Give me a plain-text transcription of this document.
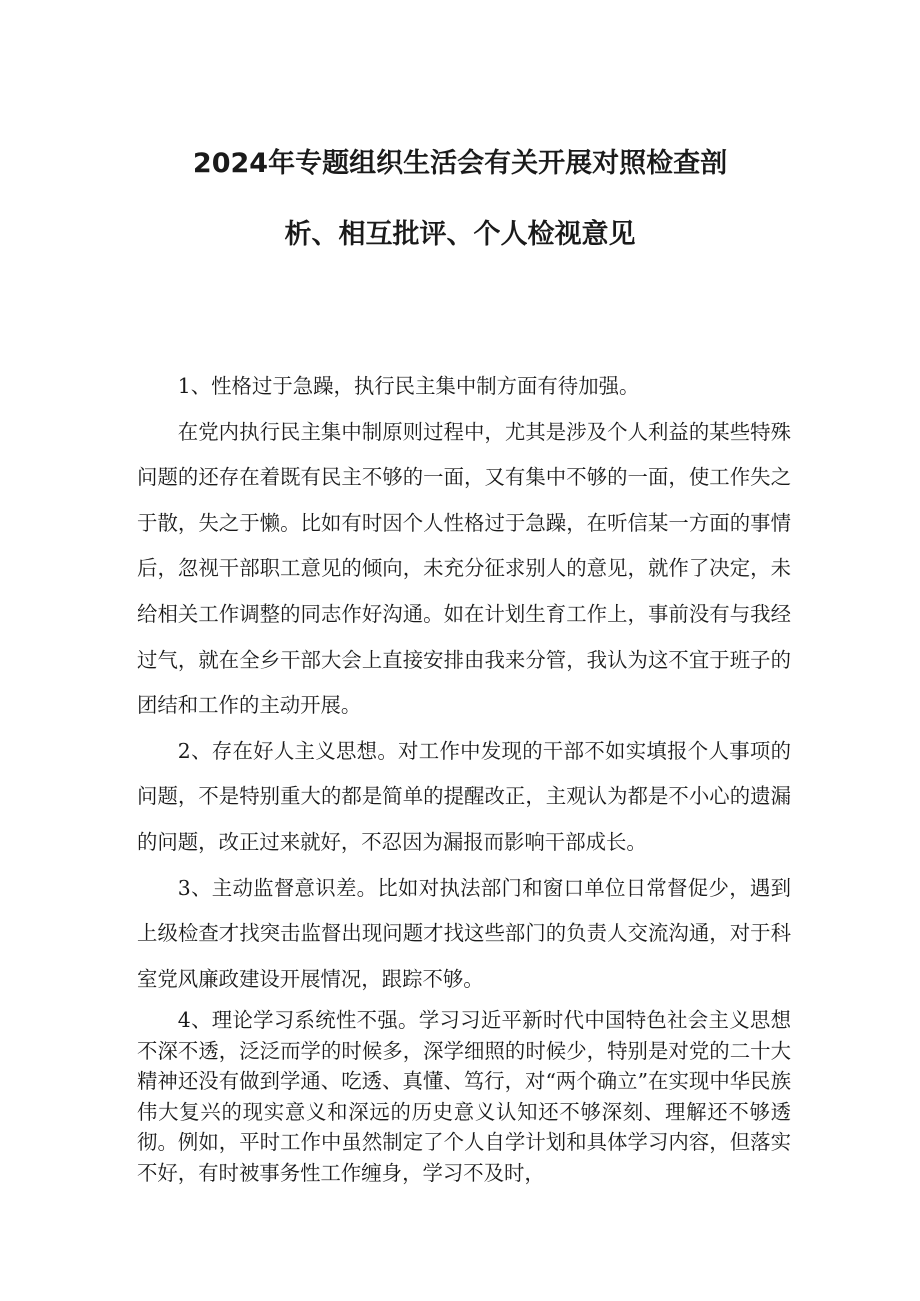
2024年专题组织生活会有关开展对照检查剖
析、相互批评、个人检视意见

1、性格过于急躁，执行民主集中制方面有待加强。

在党内执行民主集中制原则过程中，尤其是涉及个人利益的某些特殊问题的还存在着既有民主不够的一面，又有集中不够的一面，使工作失之于散，失之于懒。比如有时因个人性格过于急躁，在听信某一方面的事情后，忽视干部职工意见的倾向，未充分征求别人的意见，就作了决定，未给相关工作调整的同志作好沟通。如在计划生育工作上，事前没有与我经过气，就在全乡干部大会上直接安排由我来分管，我认为这不宜于班子的团结和工作的主动开展。

2、存在好人主义思想。对工作中发现的干部不如实填报个人事项的问题，不是特别重大的都是简单的提醒改正，主观认为都是不小心的遗漏的问题，改正过来就好，不忍因为漏报而影响干部成长。

3、主动监督意识差。比如对执法部门和窗口单位日常督促少，遇到上级检查才找突击监督出现问题才找这些部门的负责人交流沟通，对于科室党风廉政建设开展情况，跟踪不够。

4、理论学习系统性不强。学习习近平新时代中国特色社会主义思想不深不透，泛泛而学的时候多，深学细照的时候少，特别是对党的二十大精神还没有做到学通、吃透、真懂、笃行，对“两个确立”在实现中华民族伟大复兴的现实意义和深远的历史意义认知还不够深刻、理解还不够透彻。例如，平时工作中虽然制定了个人自学计划和具体学习内容，但落实不好，有时被事务性工作缠身，学习不及时，
